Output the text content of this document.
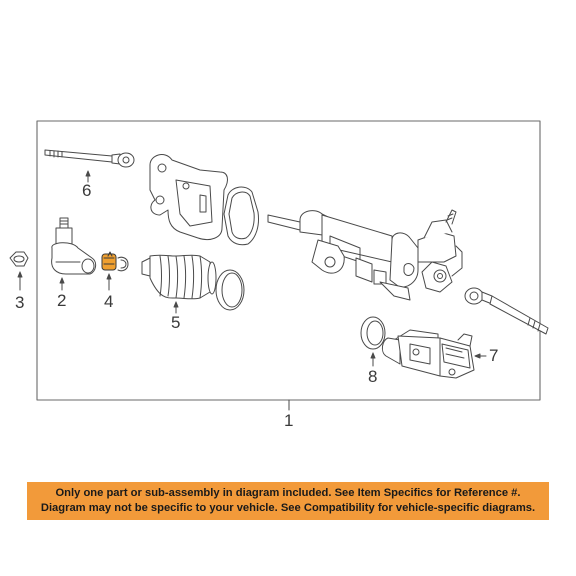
6
3 2 4
5
7
8
1
Only one part or sub-assembly in diagram included. See Item Specifics for Reference #.
Diagram may not be specific to your vehicle. See Compatibility for vehicle-specific diagrams.
